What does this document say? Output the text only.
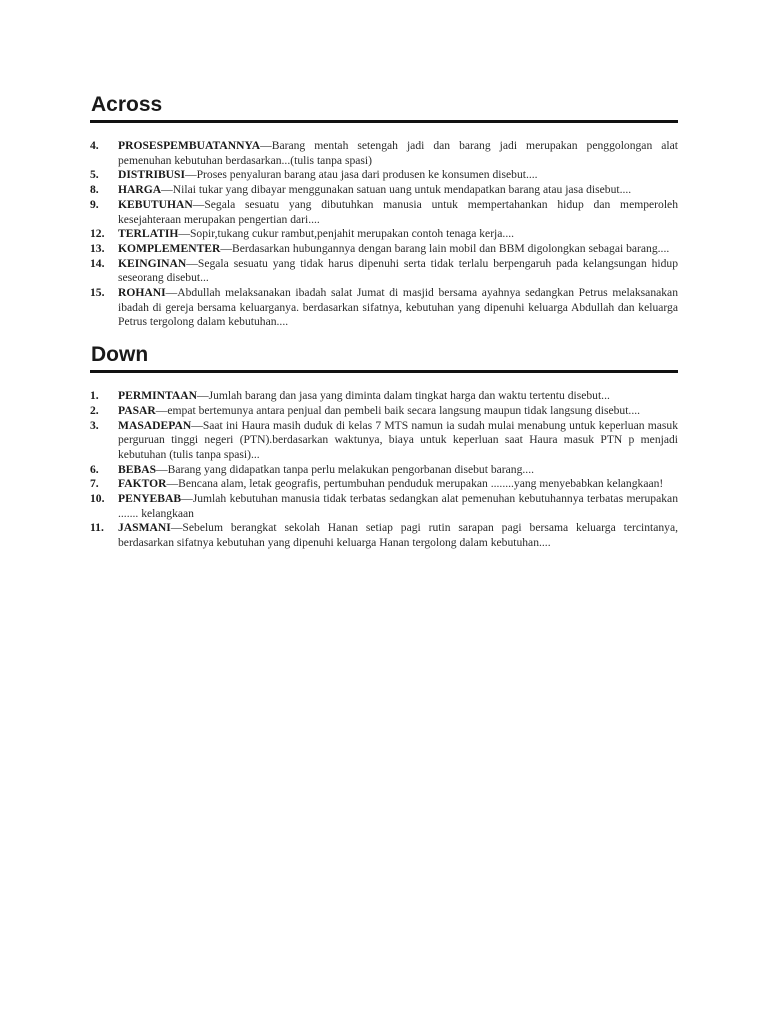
Across
4.	PROSESPEMBUATANNYA—Barang mentah setengah jadi dan barang jadi merupakan penggolongan alat pemenuhan kebutuhan berdasarkan...(tulis tanpa spasi)
5.	DISTRIBUSI—Proses penyaluran barang atau jasa dari produsen ke konsumen disebut....
8.	HARGA—Nilai tukar yang dibayar menggunakan satuan uang untuk mendapatkan barang atau jasa disebut....
9.	KEBUTUHAN—Segala sesuatu yang dibutuhkan manusia untuk mempertahankan hidup dan memperoleh kesejahteraan merupakan pengertian dari....
12.	TERLATIH—Sopir,tukang cukur rambut,penjahit merupakan contoh tenaga kerja....
13.	KOMPLEMENTER—Berdasarkan hubungannya dengan barang lain mobil dan BBM digolongkan sebagai barang....
14.	KEINGINAN—Segala sesuatu yang tidak harus dipenuhi serta tidak terlalu berpengaruh pada kelangsungan hidup seseorang disebut...
15.	ROHANI—Abdullah melaksanakan ibadah salat Jumat di masjid bersama ayahnya sedangkan Petrus melaksanakan ibadah di gereja bersama keluarganya. berdasarkan sifatnya, kebutuhan yang dipenuhi keluarga Abdullah dan keluarga Petrus tergolong dalam kebutuhan....
Down
1.	PERMINTAAN—Jumlah barang dan jasa yang diminta dalam tingkat harga dan waktu tertentu disebut...
2.	PASAR—empat bertemunya antara penjual dan pembeli baik secara langsung maupun tidak langsung disebut....
3.	MASADEPAN—Saat ini Haura masih duduk di kelas 7 MTS namun ia sudah mulai menabung untuk keperluan masuk perguruan tinggi negeri (PTN).berdasarkan waktunya, biaya untuk keperluan saat Haura masuk PTN p menjadi kebutuhan (tulis tanpa spasi)...
6.	BEBAS—Barang yang didapatkan tanpa perlu melakukan pengorbanan disebut barang....
7.	FAKTOR—Bencana alam, letak geografis, pertumbuhan penduduk merupakan ........yang menyebabkan kelangkaan!
10.	PENYEBAB—Jumlah kebutuhan manusia tidak terbatas sedangkan alat pemenuhan kebutuhannya terbatas merupakan ....... kelangkaan
11.	JASMANI—Sebelum berangkat sekolah Hanan setiap pagi rutin sarapan pagi bersama keluarga tercintanya, berdasarkan sifatnya kebutuhan yang dipenuhi keluarga Hanan tergolong dalam kebutuhan....
